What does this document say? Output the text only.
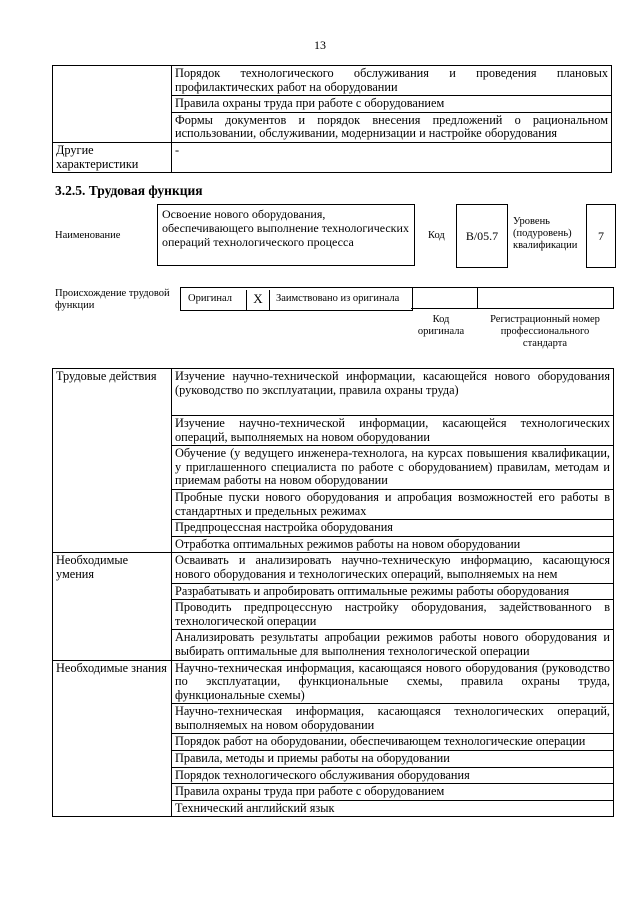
13
	Порядок технологического обслуживания и проведения плановых профилактических работ на оборудовании
	Правила охраны труда при работе с оборудованием
	Формы документов и порядок внесения предложений о рациональном использовании, обслуживании, модернизации и настройке оборудования
Другие характеристики	-
3.2.5. Трудовая функция
Наименование
Освоение нового оборудования, обеспечивающего выполнение технологических операций технологического процесса	Код	B/05.7
Уровень (подуровень) квалификации
7
Происхождение трудовой функции
Оригинал	X	Заимствовано из оригинала
Код оригинала
Регистрационный номер профессионального стандарта
Трудовые действия	Изучение научно-технической информации, касающейся нового оборудования (руководство по эксплуатации, правила охраны труда)
	Изучение научно-технической информации, касающейся технологических операций, выполняемых на новом оборудовании
	Обучение (у ведущего инженера-технолога, на курсах повышения квалификации, у приглашенного специалиста по работе с оборудованием) правилам, методам и приемам работы на новом оборудовании
	Пробные пуски нового оборудования и апробация возможностей его работы в стандартных и предельных режимах
	Предпроцессная настройка оборудования
	Отработка оптимальных режимов работы на новом оборудовании
Необходимые умения	Осваивать и анализировать научно-техническую информацию, касающуюся нового оборудования и технологических операций, выполняемых на нем
	Разрабатывать и апробировать оптимальные режимы работы оборудования
	Проводить предпроцессную настройку оборудования, задействованного в технологической операции
	Анализировать результаты апробации режимов работы нового оборудования и выбирать оптимальные для выполнения технологической операции
Необходимые знания	Научно-техническая информация, касающаяся нового оборудования (руководство по эксплуатации, функциональные схемы, правила охраны труда, функциональные схемы)
	Научно-техническая информация, касающаяся технологических операций, выполняемых на новом оборудовании
	Порядок работ на оборудовании, обеспечивающем технологические операции
	Правила, методы и приемы работы на оборудовании
	Порядок технологического обслуживания оборудования
	Правила охраны труда при работе с оборудованием
	Технический английский язык
